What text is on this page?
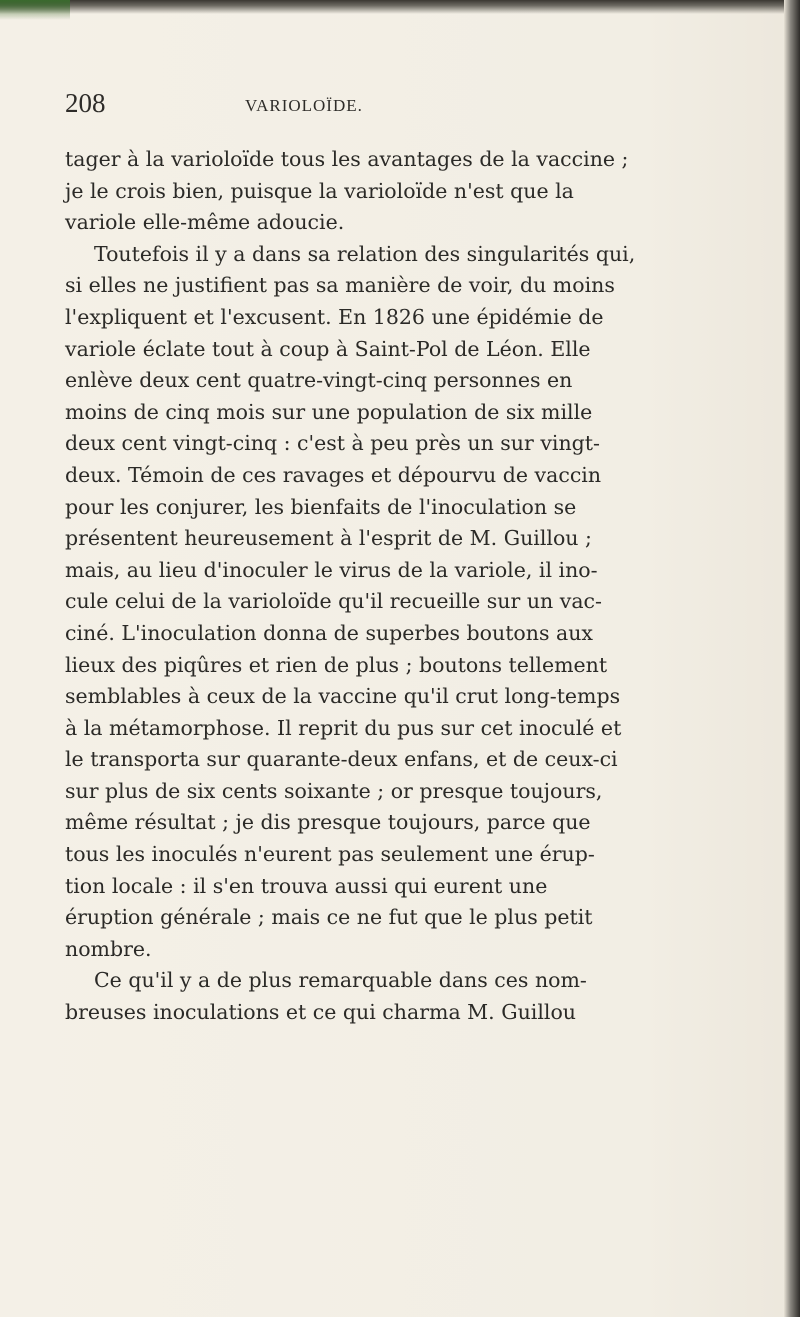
208	VARIOLOÏDE.
tager à la varioloïde tous les avantages de la vaccine ;
je le crois bien, puisque la varioloïde n'est que la
variole elle-même adoucie.
Toutefois il y a dans sa relation des singularités qui,
si elles ne justifient pas sa manière de voir, du moins
l'expliquent et l'excusent. En 1826 une épidémie de
variole éclate tout à coup à Saint-Pol de Léon. Elle
enlève deux cent quatre-vingt-cinq personnes en
moins de cinq mois sur une population de six mille
deux cent vingt-cinq : c'est à peu près un sur vingt-
deux. Témoin de ces ravages et dépourvu de vaccin
pour les conjurer, les bienfaits de l'inoculation se
présentent heureusement à l'esprit de M. Guillou ;
mais, au lieu d'inoculer le virus de la variole, il ino-
cule celui de la varioloïde qu'il recueille sur un vac-
ciné. L'inoculation donna de superbes boutons aux
lieux des piqûres et rien de plus ; boutons tellement
semblables à ceux de la vaccine qu'il crut long-temps
à la métamorphose. Il reprit du pus sur cet inoculé et
le transporta sur quarante-deux enfans, et de ceux-ci
sur plus de six cents soixante ; or presque toujours,
même résultat ; je dis presque toujours, parce que
tous les inoculés n'eurent pas seulement une érup-
tion locale : il s'en trouva aussi qui eurent une
éruption générale ; mais ce ne fut que le plus petit
nombre.
Ce qu'il y a de plus remarquable dans ces nom-
breuses inoculations et ce qui charma M. Guillou
